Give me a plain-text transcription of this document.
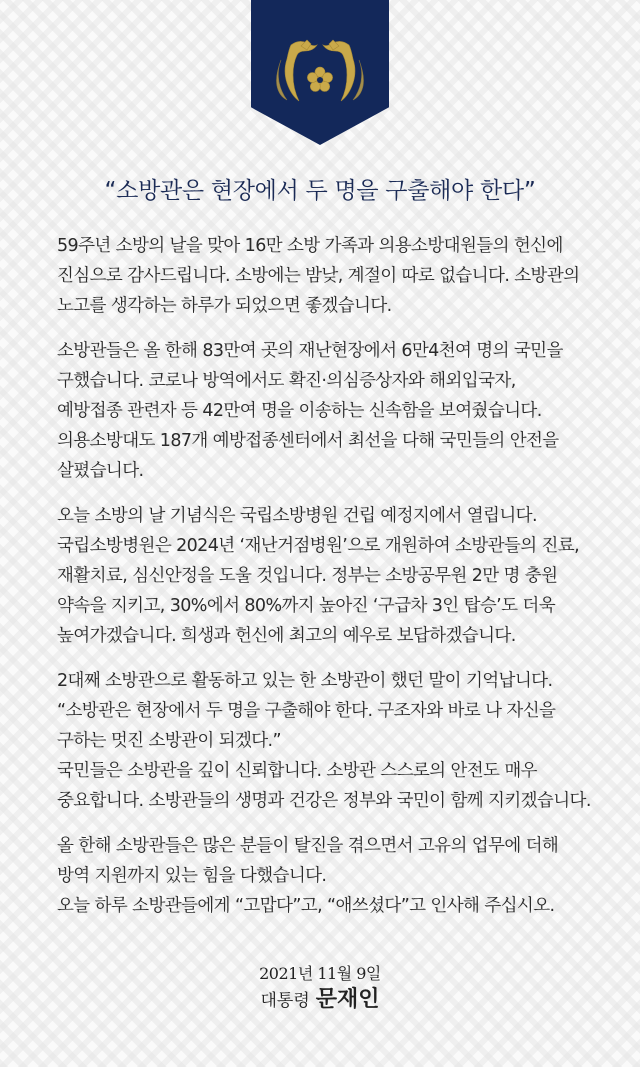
“소방관은 현장에서 두 명을 구출해야 한다”
59주년 소방의 날을 맞아 16만 소방 가족과 의용소방대원들의 헌신에
진심으로 감사드립니다. 소방에는 밤낮, 계절이 따로 없습니다. 소방관의
노고를 생각하는 하루가 되었으면 좋겠습니다.
소방관들은 올 한해 83만여 곳의 재난현장에서 6만4천여 명의 국민을
구했습니다. 코로나 방역에서도 확진·의심증상자와 해외입국자,
예방접종 관련자 등 42만여 명을 이송하는 신속함을 보여줬습니다.
의용소방대도 187개 예방접종센터에서 최선을 다해 국민들의 안전을
살폈습니다.
오늘 소방의 날 기념식은 국립소방병원 건립 예정지에서 열립니다.
국립소방병원은 2024년 ‘재난거점병원’으로 개원하여 소방관들의 진료,
재활치료, 심신안정을 도울 것입니다. 정부는 소방공무원 2만 명 충원
약속을 지키고, 30%에서 80%까지 높아진 ‘구급차 3인 탑승’도 더욱
높여가겠습니다. 희생과 헌신에 최고의 예우로 보답하겠습니다.
2대째 소방관으로 활동하고 있는 한 소방관이 했던 말이 기억납니다.
“소방관은 현장에서 두 명을 구출해야 한다. 구조자와 바로 나 자신을
구하는 멋진 소방관이 되겠다.”
국민들은 소방관을 깊이 신뢰합니다. 소방관 스스로의 안전도 매우
중요합니다. 소방관들의 생명과 건강은 정부와 국민이 함께 지키겠습니다.
올 한해 소방관들은 많은 분들이 탈진을 겪으면서 고유의 업무에 더해
방역 지원까지 있는 힘을 다했습니다.
오늘 하루 소방관들에게 “고맙다”고, “애쓰셨다”고 인사해 주십시오.
2021년 11월 9일
대통령 문재인
